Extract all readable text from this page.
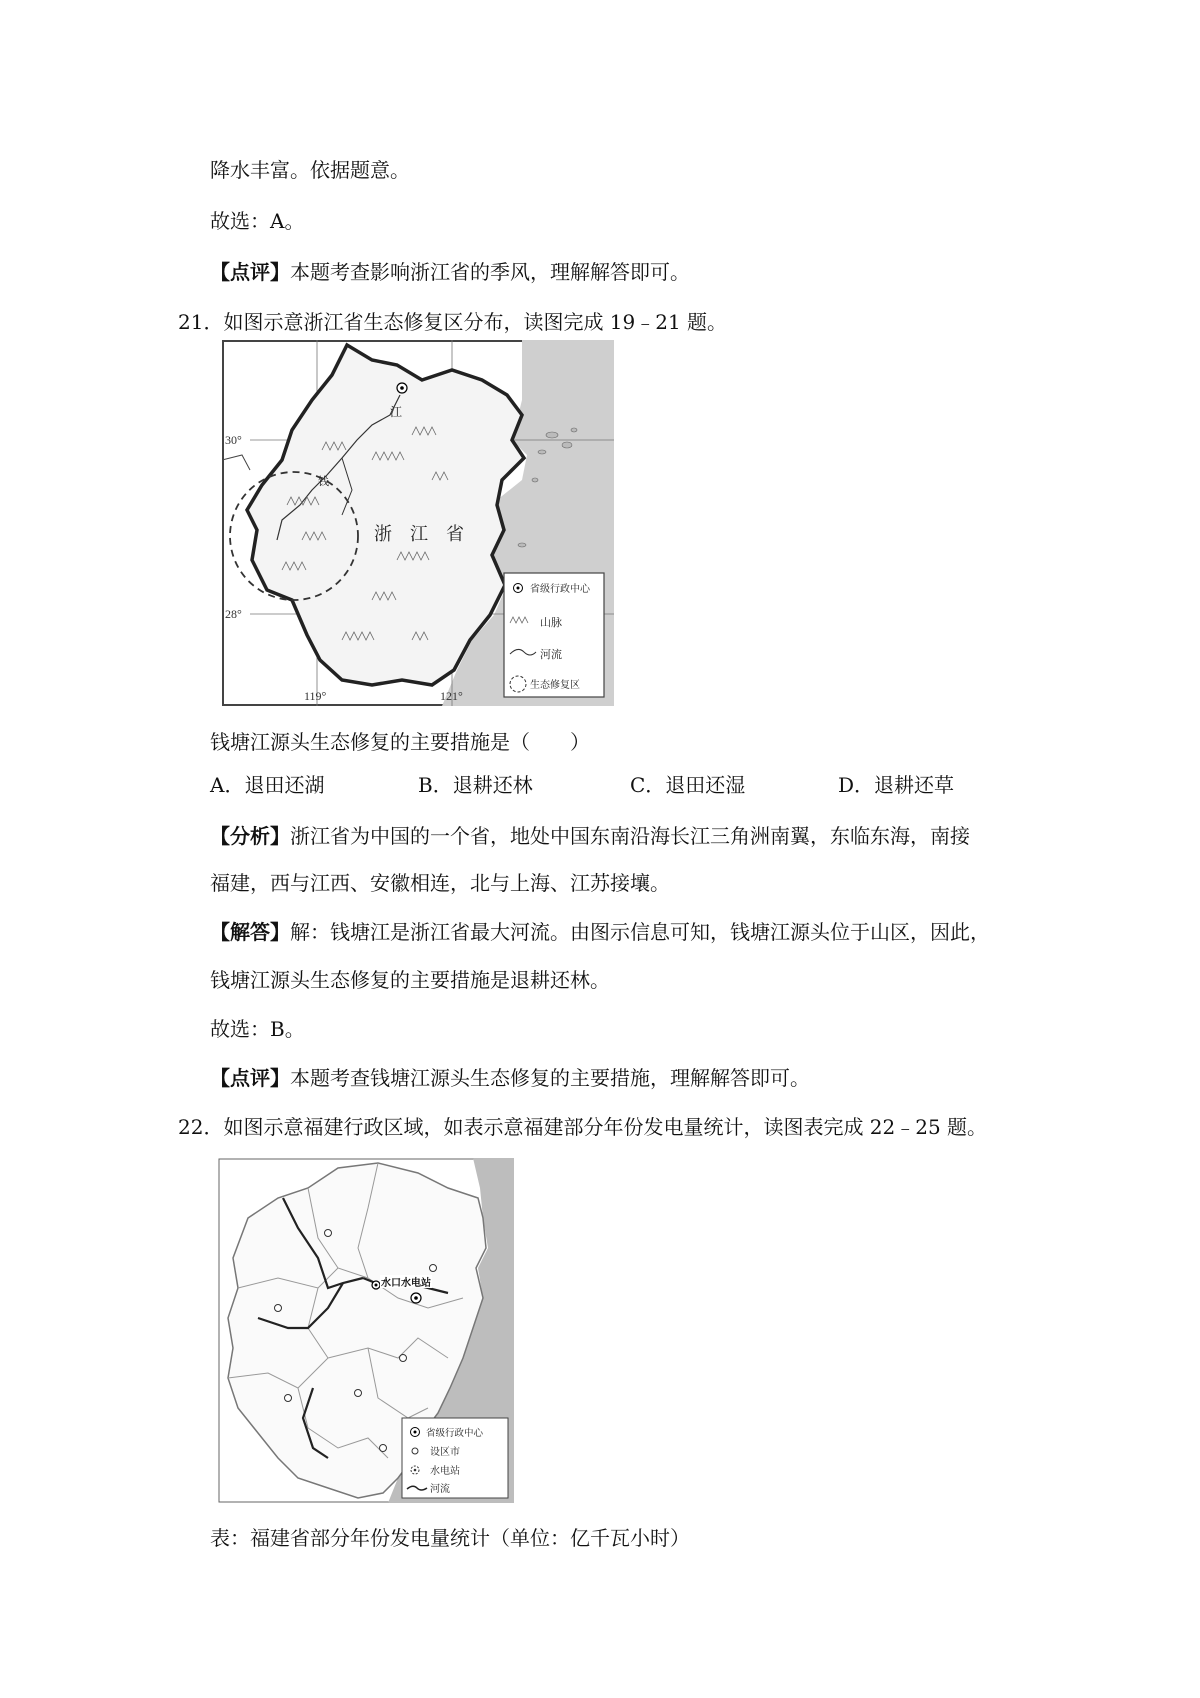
降水丰富。依据题意。
故选：A。
【点评】本题考查影响浙江省的季风，理解解答即可。
21．如图示意浙江省生态修复区分布，读图完成 19﹣21 题。
30°
28°
119°	121°
江
钱
浙　江　省
省级行政中心
山脉
河流
生态修复区
钱塘江源头生态修复的主要措施是（　　）
A．退田还湖	B．退耕还林	C．退田还湿	D．退耕还草
【分析】浙江省为中国的一个省，地处中国东南沿海长江三角洲南翼，东临东海，南接
福建，西与江西、安徽相连，北与上海、江苏接壤。
【解答】解：钱塘江是浙江省最大河流。由图示信息可知，钱塘江源头位于山区，因此，
钱塘江源头生态修复的主要措施是退耕还林。
故选：B。
【点评】本题考查钱塘江源头生态修复的主要措施，理解解答即可。
22．如图示意福建行政区域，如表示意福建部分年份发电量统计，读图表完成 22﹣25 题。
水口水电站
省级行政中心
设区市
水电站
河流
表：福建省部分年份发电量统计（单位：亿千瓦小时）
